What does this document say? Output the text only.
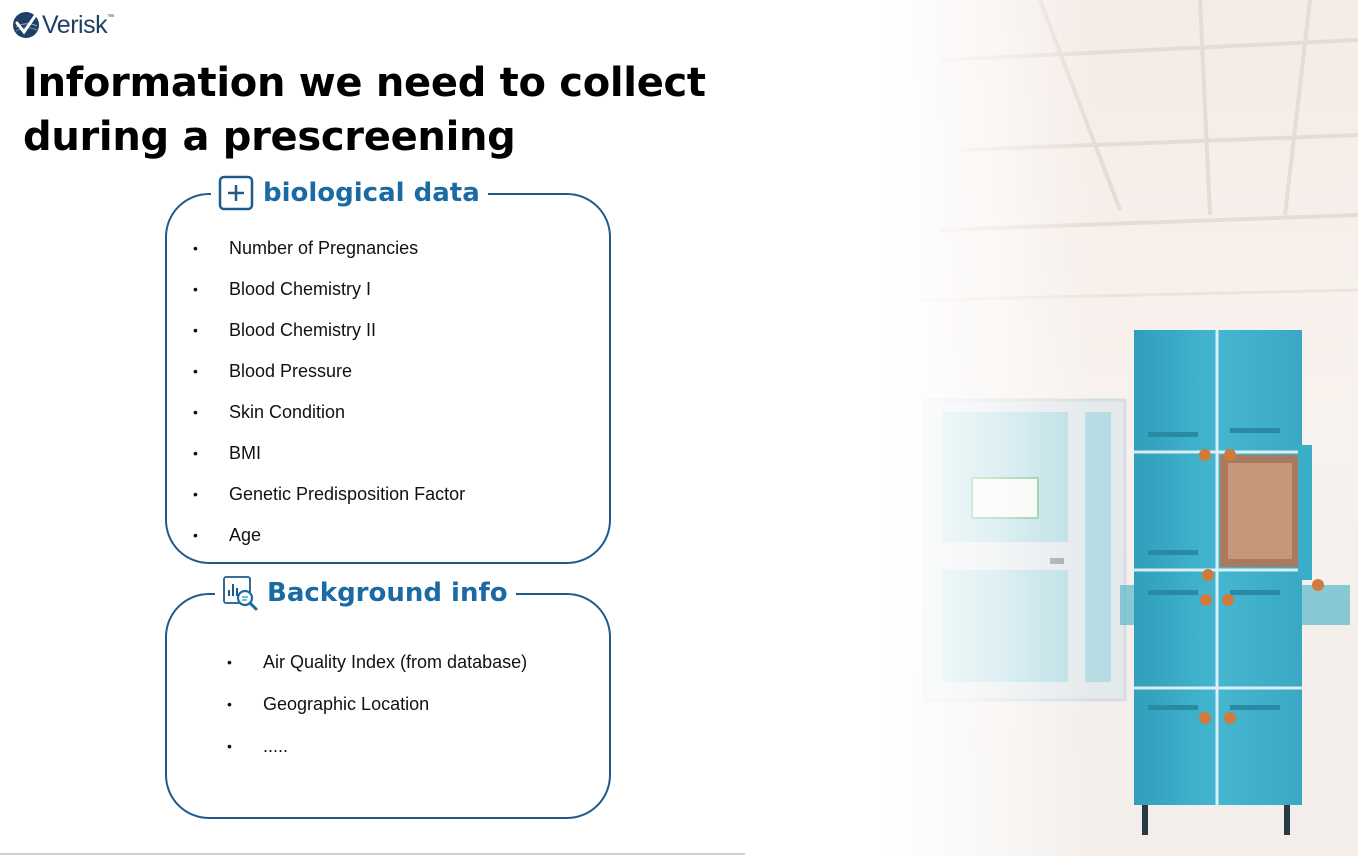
Verisk ™
Information we need to collect during a prescreening
biological data
• Number of Pregnancies
• Blood Chemistry I
• Blood Chemistry II
• Blood Pressure
• Skin Condition
• BMI
• Genetic Predisposition Factor
• Age
Background info
• Air Quality Index (from database)
• Geographic Location
• .....
